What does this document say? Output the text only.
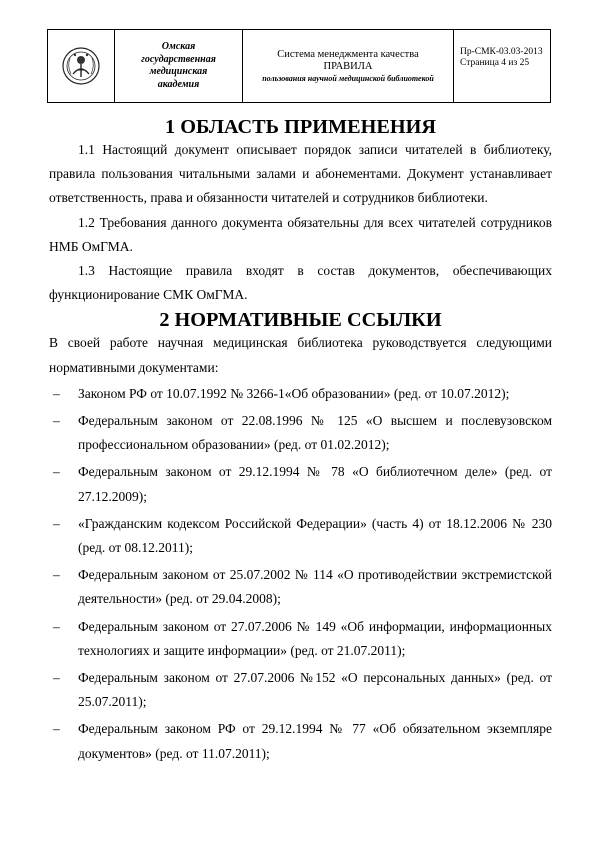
Омская
государственная
медицинская
академия

Система менеджмента качества
ПРАВИЛА
пользования научной медицинской библиотекой

Пр-СМК-03.03-2013
Страница 4 из 25
1 ОБЛАСТЬ ПРИМЕНЕНИЯ

1.1 Настоящий документ описывает порядок записи читателей в библиотеку, правила пользования читальными залами и абонементами. Документ устанавливает ответственность, права и обязанности читателей и сотрудников библиотеки.

1.2 Требования данного документа обязательны для всех читателей сотрудников НМБ ОмГМА.

1.3 Настоящие правила входят в состав документов, обеспечивающих функционирование СМК ОмГМА.

2 НОРМАТИВНЫЕ ССЫЛКИ

В своей работе научная медицинская библиотека руководствуется следующими нормативными документами:

– Законом РФ от 10.07.1992 № 3266-1«Об образовании» (ред. от 10.07.2012);
– Федеральным законом от 22.08.1996 № 125 «О высшем и послевузовском профессиональном образовании» (ред. от 01.02.2012);
– Федеральным законом от 29.12.1994 № 78 «О библиотечном деле» (ред. от 27.12.2009);
– «Гражданским кодексом Российской Федерации» (часть 4) от 18.12.2006 № 230 (ред. от 08.12.2011);
– Федеральным законом от 25.07.2002 № 114 «О противодействии экстремистской деятельности» (ред. от 29.04.2008);
– Федеральным законом от 27.07.2006 № 149 «Об информации, информационных технологиях и защите информации» (ред. от 21.07.2011);
– Федеральным законом от 27.07.2006 №152 «О персональных данных» (ред. от 25.07.2011);
– Федеральным законом РФ от 29.12.1994 № 77 «Об обязательном экземпляре документов» (ред. от 11.07.2011);
